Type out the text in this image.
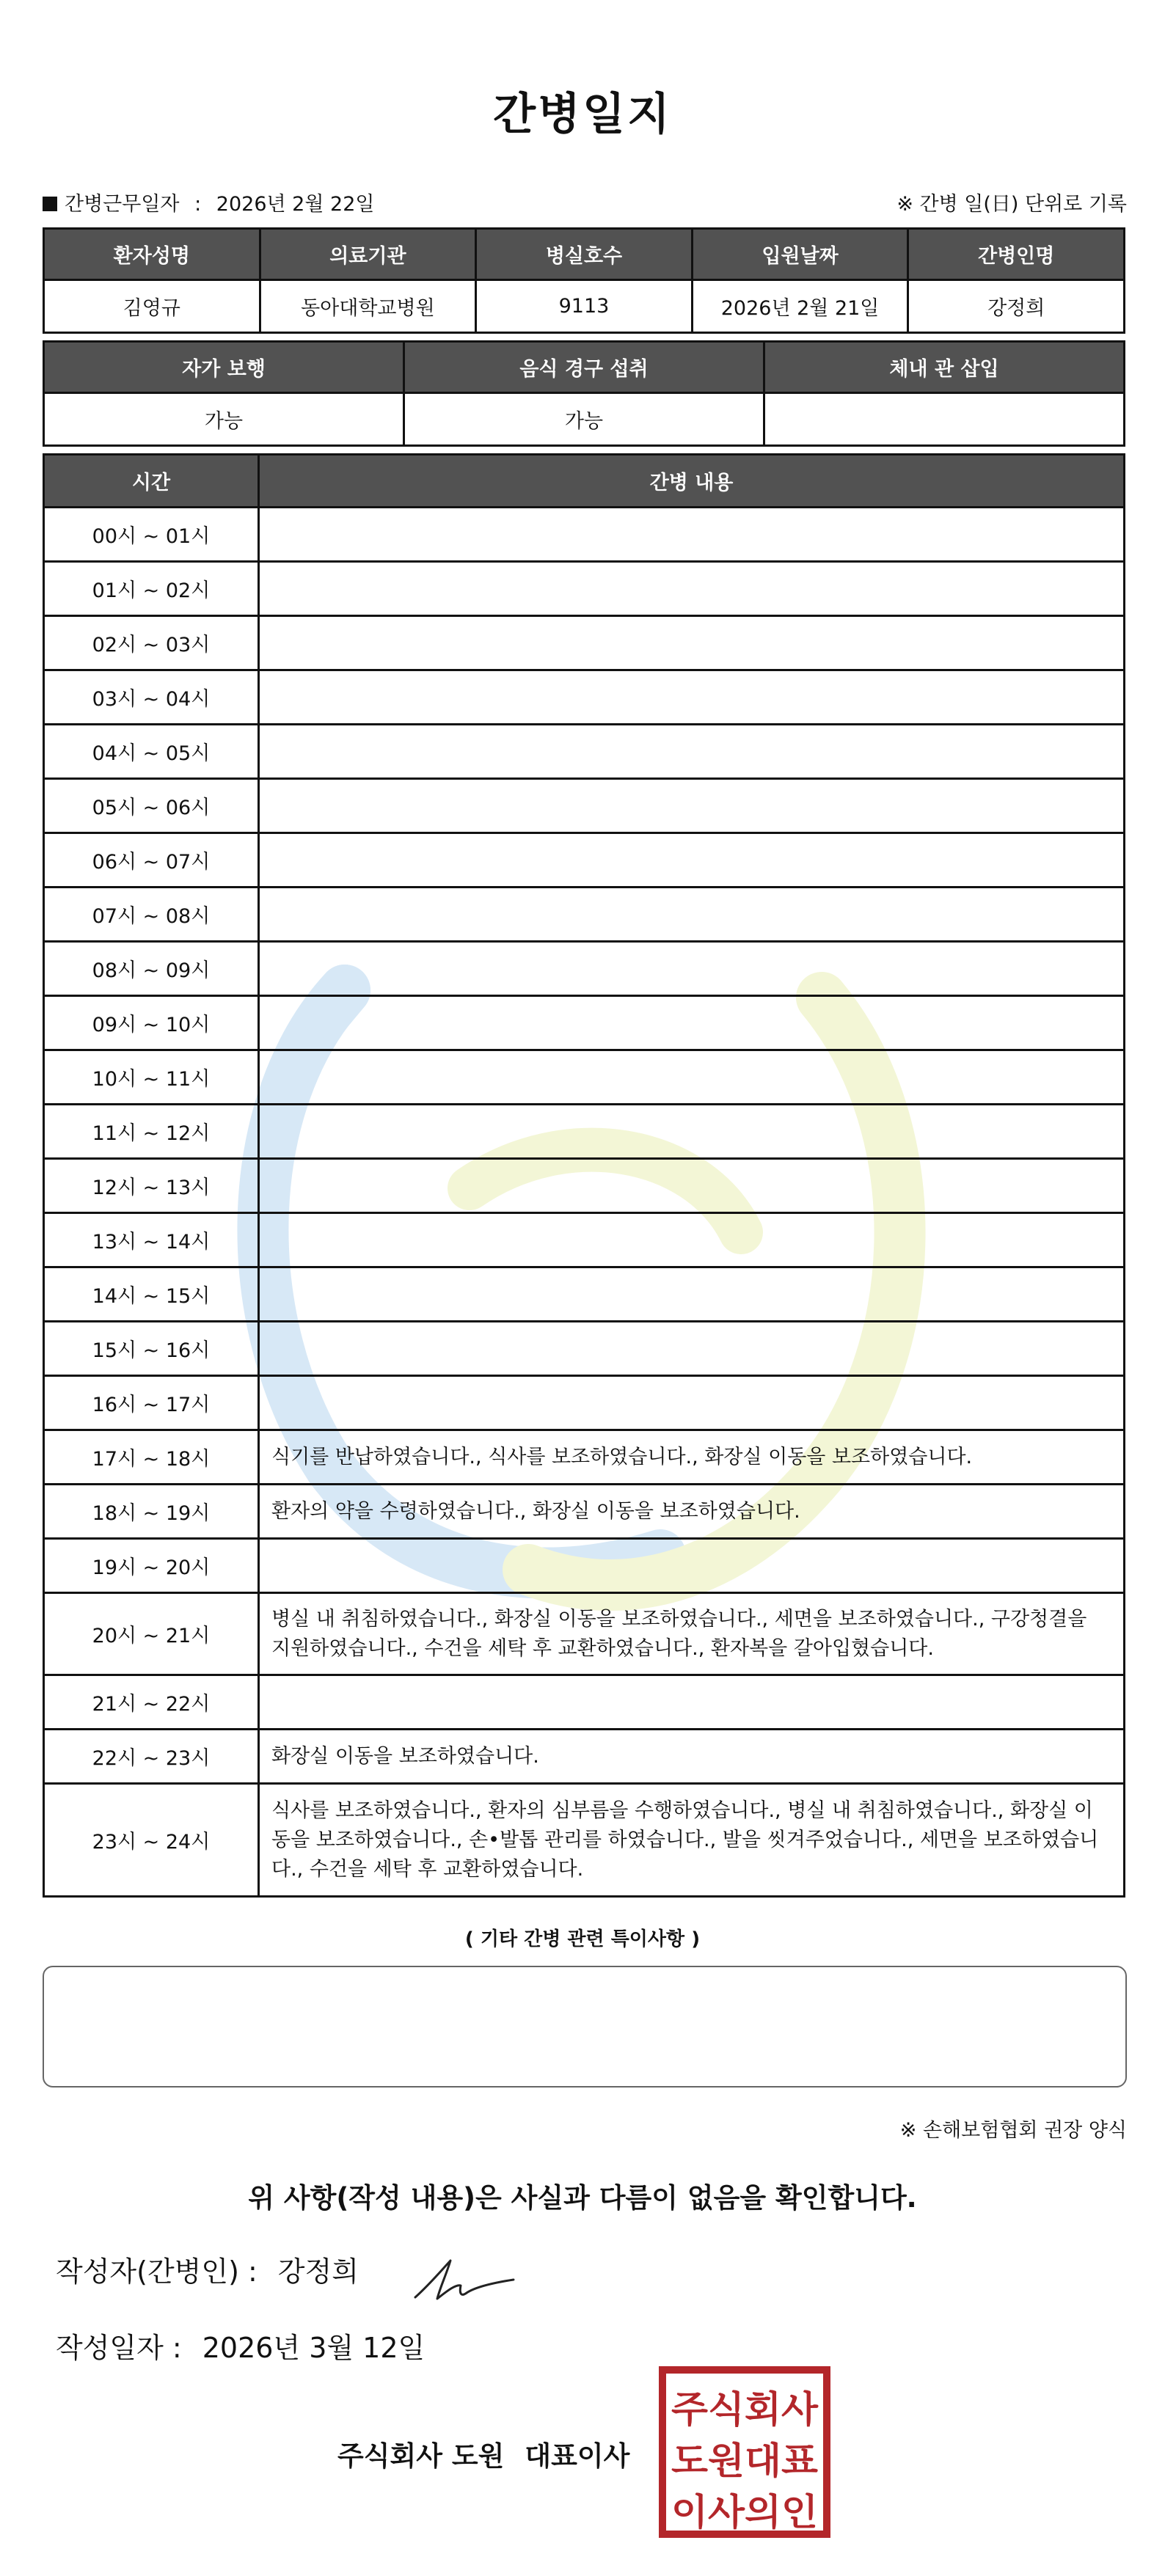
간병일지
간병근무일자 : 2026년 2월 22일	※ 간병 일(日) 단위로 기록
환자성명	의료기관	병실호수	입원날짜	간병인명
김영규	동아대학교병원	9113	2026년 2월 21일	강정희
자가 보행	음식 경구 섭취	체내 관 삽입
가능	가능	
시간	간병 내용
00시 ~ 01시	
01시 ~ 02시	
02시 ~ 03시	
03시 ~ 04시	
04시 ~ 05시	
05시 ~ 06시	
06시 ~ 07시	
07시 ~ 08시	
08시 ~ 09시	
09시 ~ 10시	
10시 ~ 11시	
11시 ~ 12시	
12시 ~ 13시	
13시 ~ 14시	
14시 ~ 15시	
15시 ~ 16시	
16시 ~ 17시	
17시 ~ 18시	식기를 반납하였습니다., 식사를 보조하였습니다., 화장실 이동을 보조하였습니다.
18시 ~ 19시	환자의 약을 수령하였습니다., 화장실 이동을 보조하였습니다.
19시 ~ 20시	
20시 ~ 21시	병실 내 취침하였습니다., 화장실 이동을 보조하였습니다., 세면을 보조하였습니다., 구강청결을 지원하였습니다., 수건을 세탁 후 교환하였습니다., 환자복을 갈아입혔습니다.
21시 ~ 22시	
22시 ~ 23시	화장실 이동을 보조하였습니다.
23시 ~ 24시	식사를 보조하였습니다., 환자의 심부름을 수행하였습니다., 병실 내 취침하였습니다., 화장실 이동을 보조하였습니다., 손•발톱 관리를 하였습니다., 발을 씻겨주었습니다., 세면을 보조하였습니다., 수건을 세탁 후 교환하였습니다.
( 기타 간병 관련 특이사항 )
※ 손해보험협회 권장 양식
위 사항(작성 내용)은 사실과 다름이 없음을 확인합니다.
작성자(간병인) : 강정희
작성일자 : 2026년 3월 12일
주식회사 도원 대표이사
주식회사
도원대표
이사의인
